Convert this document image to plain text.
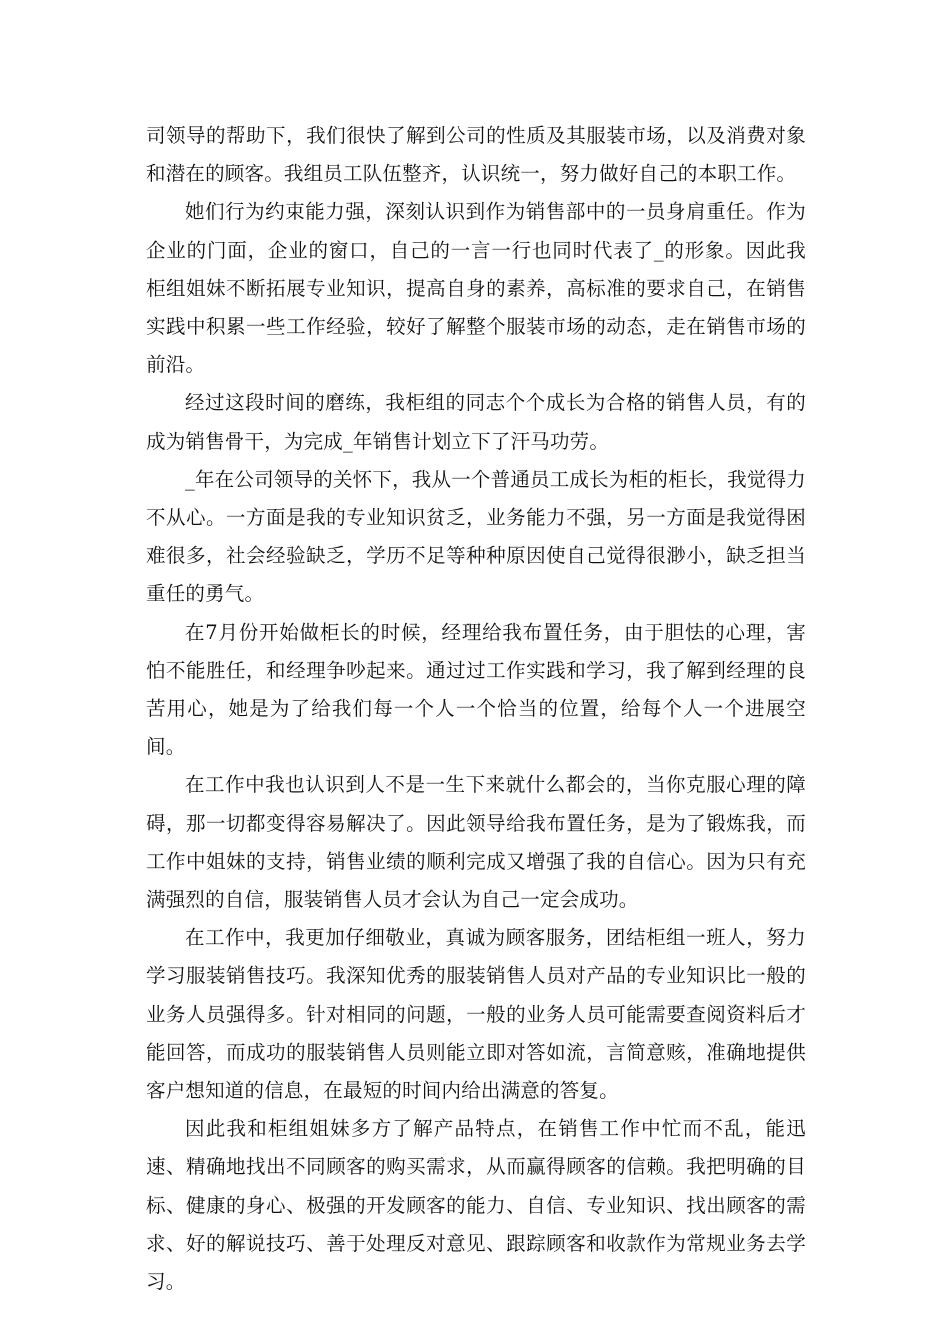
司领导的帮助下，我们很快了解到公司的性质及其服装市场，以及消费对象和潜在的顾客。我组员工队伍整齐，认识统一，努力做好自己的本职工作。

她们行为约束能力强，深刻认识到作为销售部中的一员身肩重任。作为企业的门面，企业的窗口，自己的一言一行也同时代表了_的形象。因此我柜组姐妹不断拓展专业知识，提高自身的素养，高标准的要求自己，在销售实践中积累一些工作经验，较好了解整个服装市场的动态，走在销售市场的前沿。

经过这段时间的磨练，我柜组的同志个个成长为合格的销售人员，有的成为销售骨干，为完成_年销售计划立下了汗马功劳。

_年在公司领导的关怀下，我从一个普通员工成长为柜的柜长，我觉得力不从心。一方面是我的专业知识贫乏，业务能力不强，另一方面是我觉得困难很多，社会经验缺乏，学历不足等种种原因使自己觉得很渺小，缺乏担当重任的勇气。

在7月份开始做柜长的时候，经理给我布置任务，由于胆怯的心理，害怕不能胜任，和经理争吵起来。通过过工作实践和学习，我了解到经理的良苦用心，她是为了给我们每一个人一个恰当的位置，给每个人一个进展空间。

在工作中我也认识到人不是一生下来就什么都会的，当你克服心理的障碍，那一切都变得容易解决了。因此领导给我布置任务，是为了锻炼我，而工作中姐妹的支持，销售业绩的顺利完成又增强了我的自信心。因为只有充满强烈的自信，服装销售人员才会认为自己一定会成功。

在工作中，我更加仔细敬业，真诚为顾客服务，团结柜组一班人，努力学习服装销售技巧。我深知优秀的服装销售人员对产品的专业知识比一般的业务人员强得多。针对相同的问题，一般的业务人员可能需要查阅资料后才能回答，而成功的服装销售人员则能立即对答如流，言简意赅，准确地提供客户想知道的信息，在最短的时间内给出满意的答复。

因此我和柜组姐妹多方了解产品特点，在销售工作中忙而不乱，能迅速、精确地找出不同顾客的购买需求，从而赢得顾客的信赖。我把明确的目标、健康的身心、极强的开发顾客的能力、自信、专业知识、找出顾客的需求、好的解说技巧、善于处理反对意见、跟踪顾客和收款作为常规业务去学习。
